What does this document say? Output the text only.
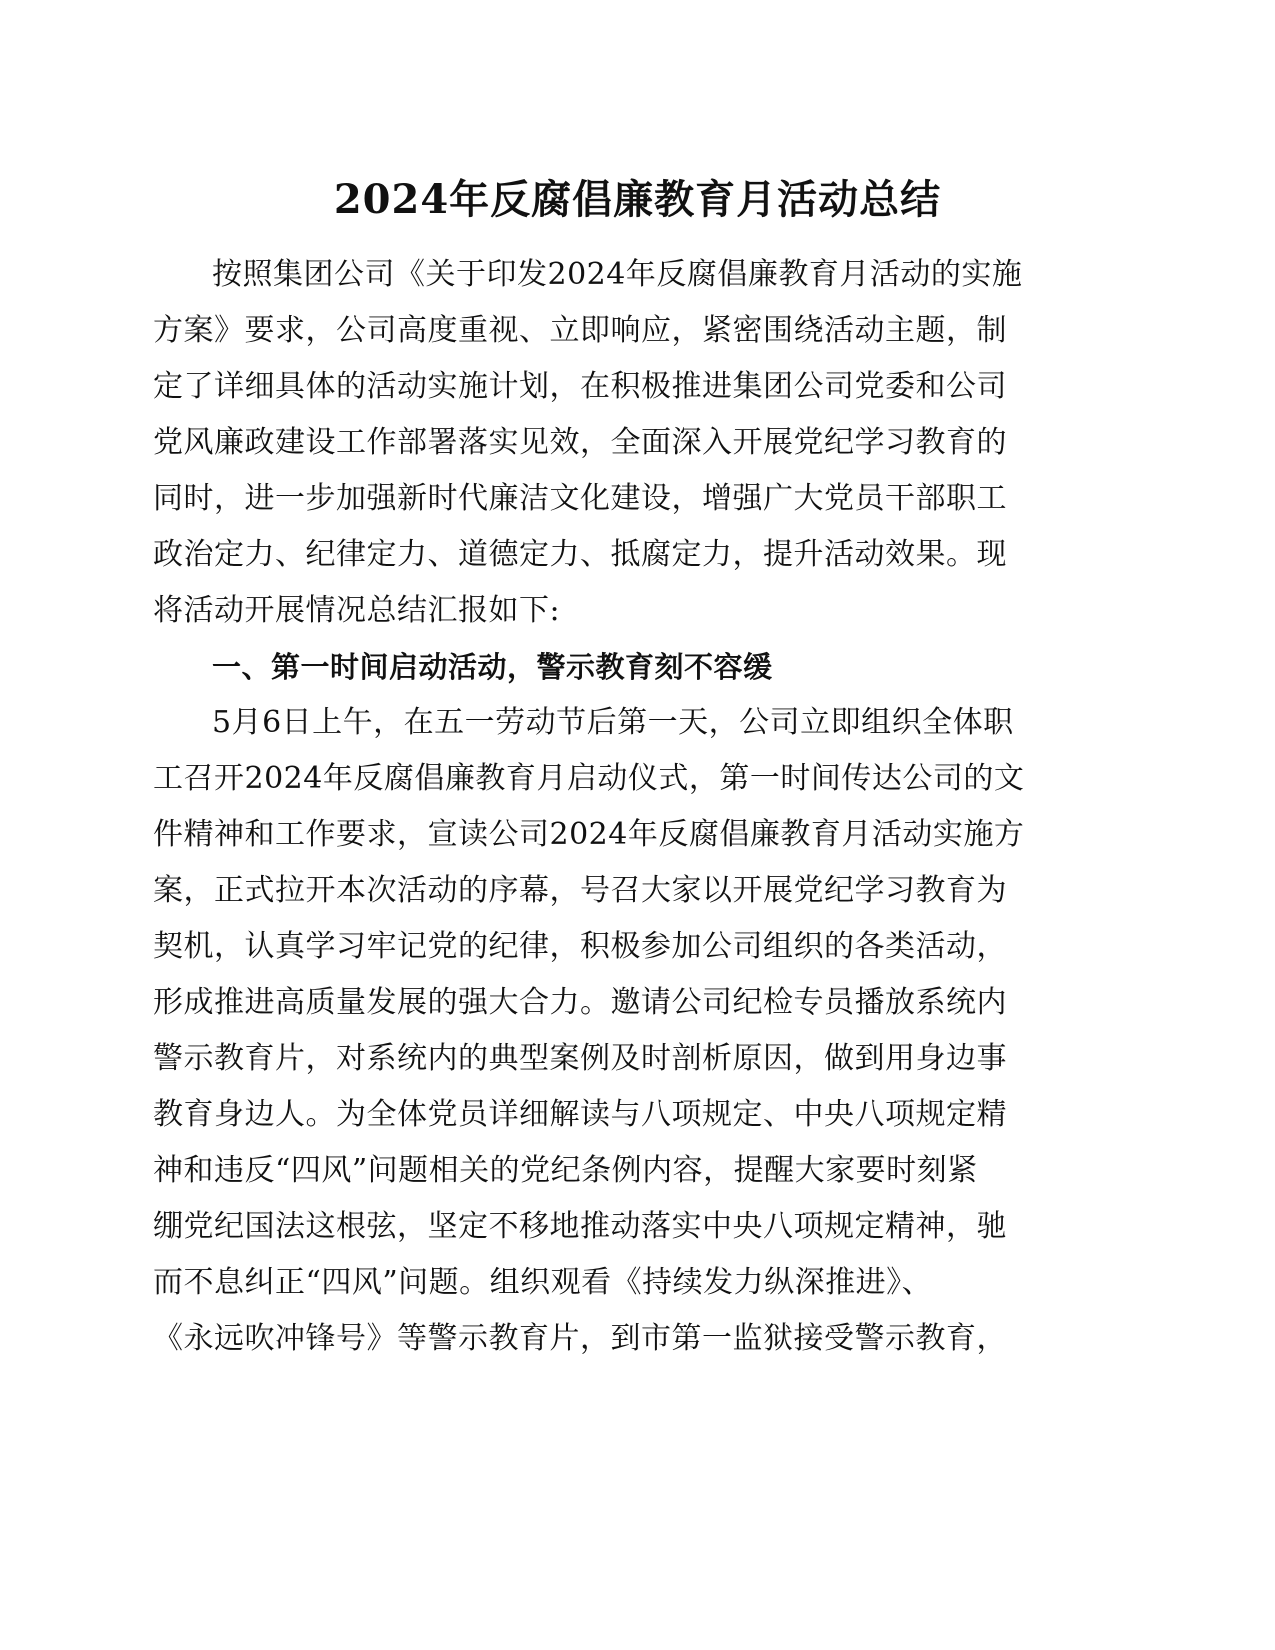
2024年反腐倡廉教育月活动总结

按照集团公司《关于印发2024年反腐倡廉教育月活动的实施

方案》要求，公司高度重视、立即响应，紧密围绕活动主题，制

定了详细具体的活动实施计划，在积极推进集团公司党委和公司

党风廉政建设工作部署落实见效，全面深入开展党纪学习教育的

同时，进一步加强新时代廉洁文化建设，增强广大党员干部职工

政治定力、纪律定力、道德定力、抵腐定力，提升活动效果。现

将活动开展情况总结汇报如下:

一、第一时间启动活动，警示教育刻不容缓

5月6日上午，在五一劳动节后第一天，公司立即组织全体职

工召开2024年反腐倡廉教育月启动仪式，第一时间传达公司的文

件精神和工作要求，宣读公司2024年反腐倡廉教育月活动实施方

案，正式拉开本次活动的序幕，号召大家以开展党纪学习教育为

契机，认真学习牢记党的纪律，积极参加公司组织的各类活动，

形成推进高质量发展的强大合力。邀请公司纪检专员播放系统内

警示教育片，对系统内的典型案例及时剖析原因，做到用身边事

教育身边人。为全体党员详细解读与八项规定、中央八项规定精

神和违反“四风”问题相关的党纪条例内容，提醒大家要时刻紧

绷党纪国法这根弦，坚定不移地推动落实中央八项规定精神，驰

而不息纠正“四风”问题。组织观看《持续发力纵深推进》、

《永远吹冲锋号》等警示教育片，到市第一监狱接受警示教育，
